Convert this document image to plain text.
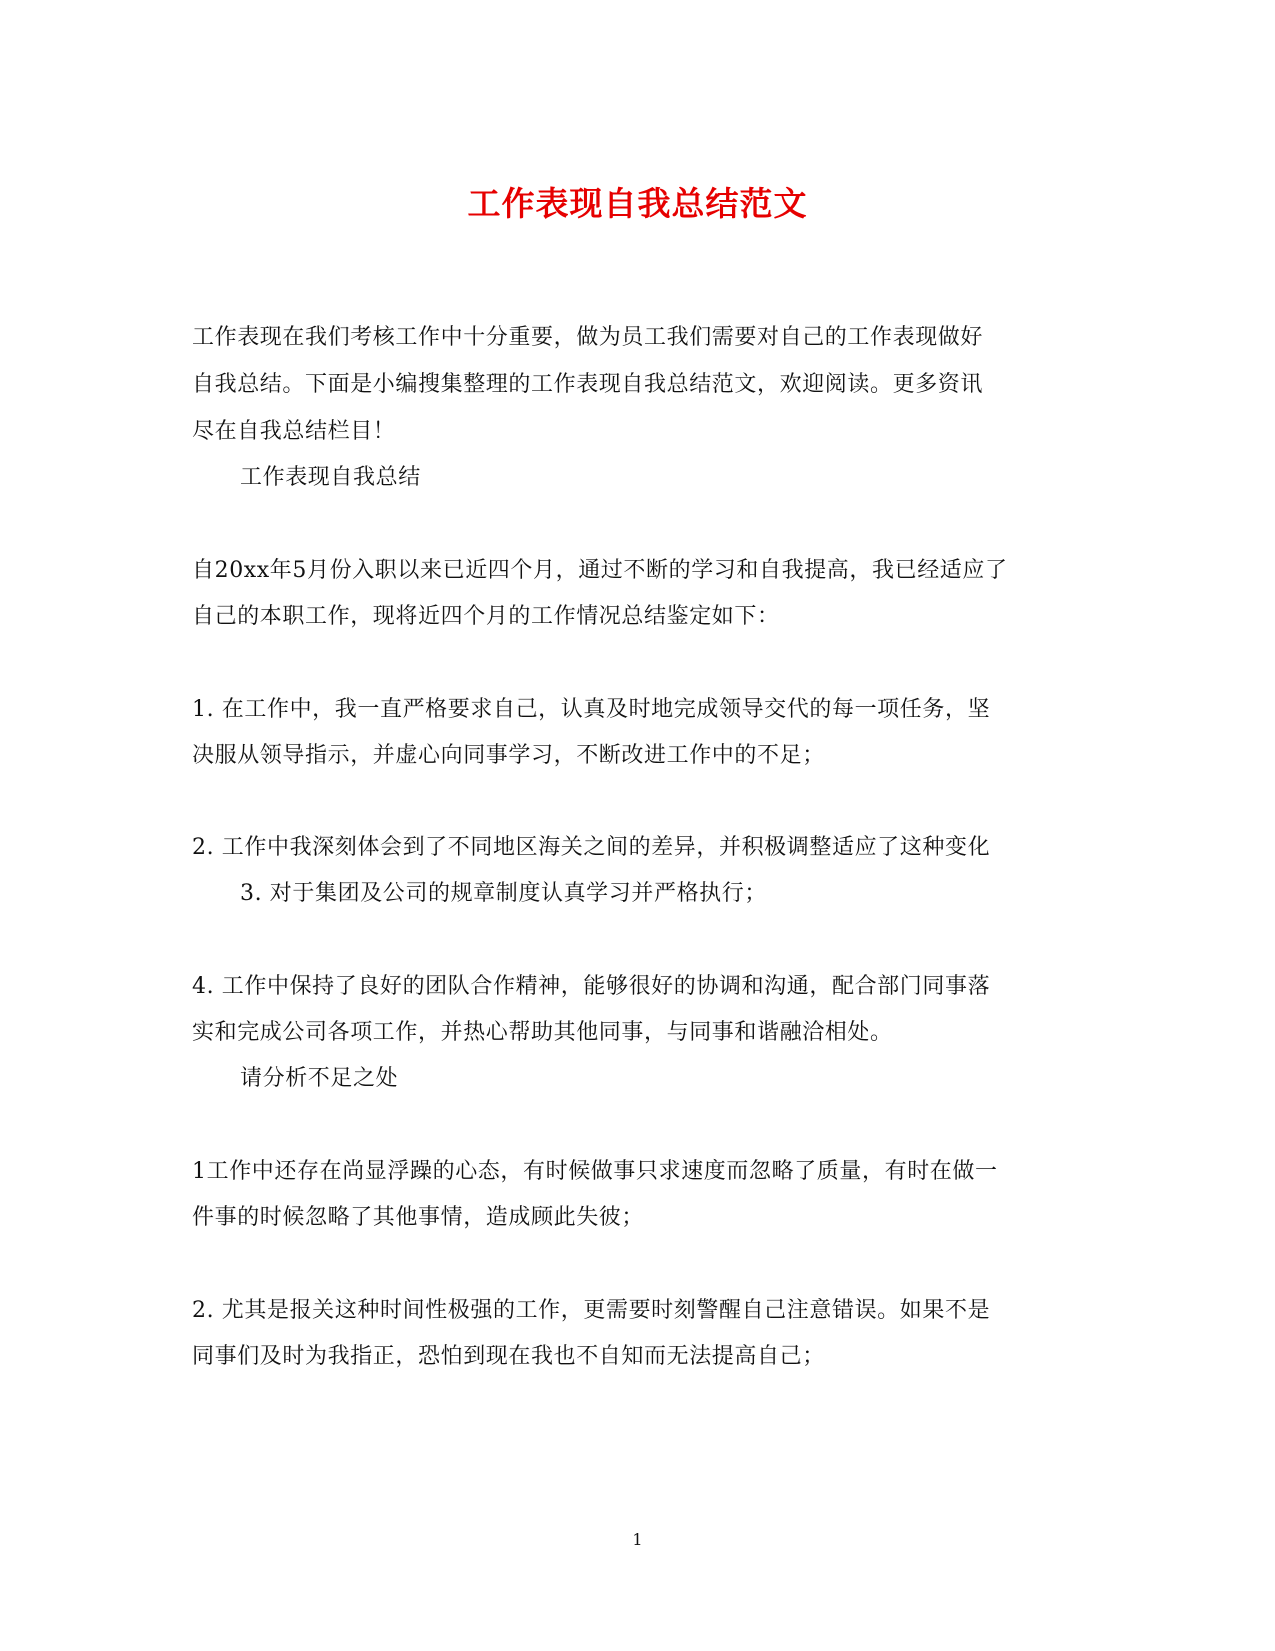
工作表现自我总结范文
工作表现在我们考核工作中十分重要，做为员工我们需要对自己的工作表现做好
自我总结。下面是小编搜集整理的工作表现自我总结范文，欢迎阅读。更多资讯
尽在自我总结栏目！
工作表现自我总结
自20xx年5月份入职以来已近四个月，通过不断的学习和自我提高，我已经适应了
自己的本职工作，现将近四个月的工作情况总结鉴定如下：
1. 在工作中，我一直严格要求自己，认真及时地完成领导交代的每一项任务，坚
决服从领导指示，并虚心向同事学习，不断改进工作中的不足；
2. 工作中我深刻体会到了不同地区海关之间的差异，并积极调整适应了这种变化
3. 对于集团及公司的规章制度认真学习并严格执行；
4. 工作中保持了良好的团队合作精神，能够很好的协调和沟通，配合部门同事落
实和完成公司各项工作，并热心帮助其他同事，与同事和谐融洽相处。
请分析不足之处
1工作中还存在尚显浮躁的心态，有时候做事只求速度而忽略了质量，有时在做一
件事的时候忽略了其他事情，造成顾此失彼；
2. 尤其是报关这种时间性极强的工作，更需要时刻警醒自己注意错误。如果不是
同事们及时为我指正，恐怕到现在我也不自知而无法提高自己；
1
